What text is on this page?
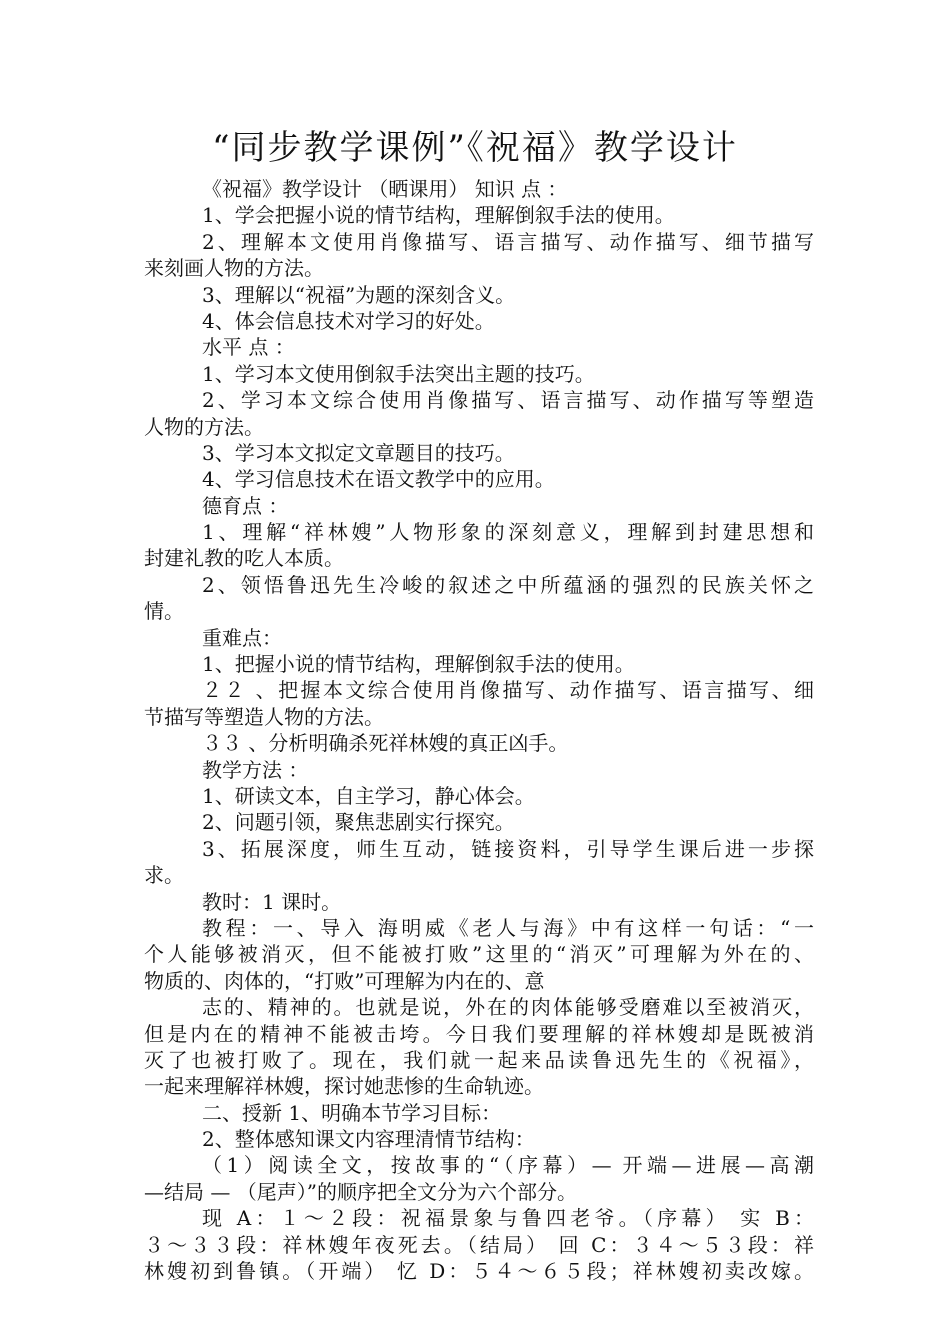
“同步教学课例”《祝福》教学设计
《祝福》教学设计 （晒课用） 知识 点 ：
1、学会把握小说的情节结构，理解倒叙手法的使用。
2、理解本文使用肖像描写、语言描写、动作描写、细节描写
来刻画人物的方法。
3、理解以“祝福”为题的深刻含义。
4、体会信息技术对学习的好处。
水平 点 ：
1、学习本文使用倒叙手法突出主题的技巧。
2、学习本文综合使用肖像描写、语言描写、动作描写等塑造
人物的方法。
3、学习本文拟定文章题目的技巧。
4、学习信息技术在语文教学中的应用。
德育点 ：
1、理解“祥林嫂”人物形象的深刻意义，理解到封建思想和
封建礼教的吃人本质。
2、领悟鲁迅先生冷峻的叙述之中所蕴涵的强烈的民族关怀之
情。
重难点：
1、把握小说的情节结构，理解倒叙手法的使用。
２２ 、把握本文综合使用肖像描写、动作描写、语言描写、细
节描写等塑造人物的方法。
３３ 、分析明确杀死祥林嫂的真正凶手。
教学方法 ：
1、研读文本，自主学习，静心体会。
2、问题引领，聚焦悲剧实行探究。
3、拓展深度，师生互动，链接资料，引导学生课后进一步探
求。
教时：1 课时。
教程：一、导入 海明威《老人与海》中有这样一句话：“一
个人能够被消灭，但不能被打败”这里的“消灭”可理解为外在的、
物质的、肉体的，“打败”可理解为内在的、意
志的、精神的。也就是说，外在的肉体能够受磨难以至被消灭，
但是内在的精神不能被击垮。今日我们要理解的祥林嫂却是既被消
灭了也被打败了。现在，我们就一起来品读鲁迅先生的《祝福》，
一起来理解祥林嫂，探讨她悲惨的生命轨迹。
二、授新 1、明确本节学习目标：
2、整体感知课文内容理清情节结构：
（1）阅读全文，按故事的“（序幕）— 开端—进展—高潮
—结局 — （尾声）”的顺序把全文分为六个部分。
现 A：１～２段：祝福景象与鲁四老爷。（序幕） 实 B：
３～３３段：祥林嫂年夜死去。（结局） 回 C：３４～５３段：祥
林嫂初到鲁镇。（开端） 忆 D：５４～６５段；祥林嫂初卖改嫁。
